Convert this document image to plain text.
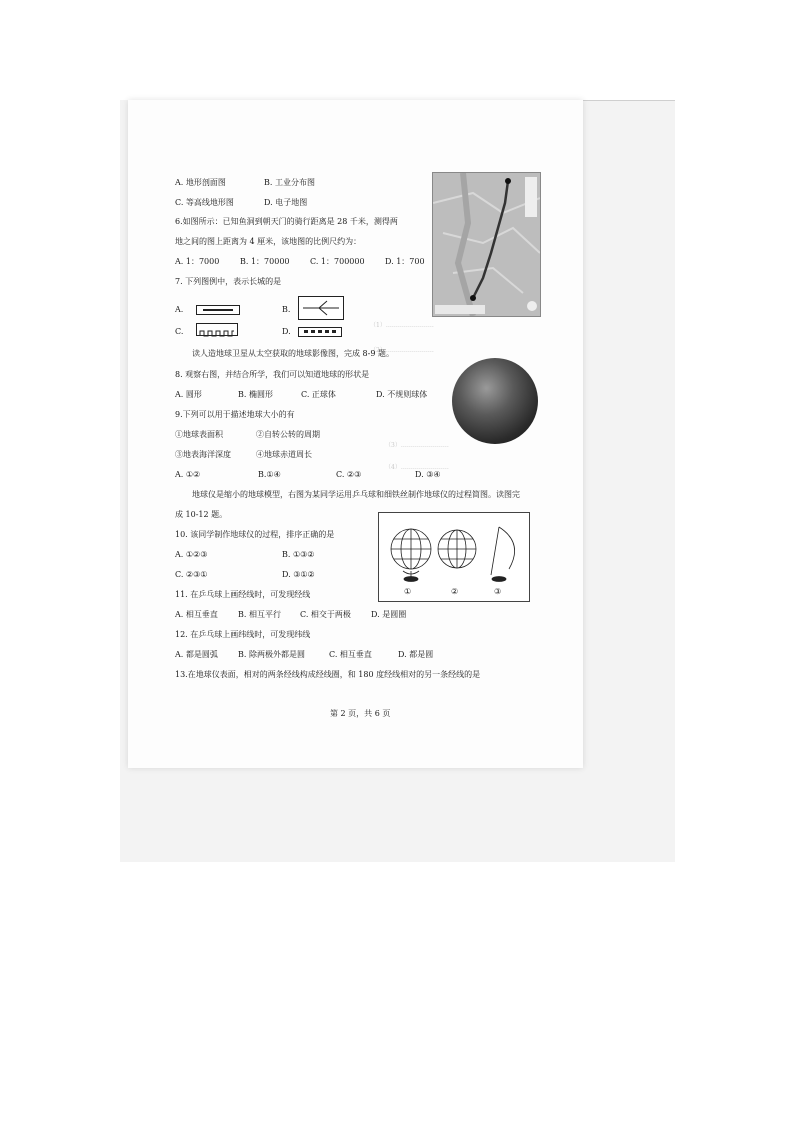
（1）……………………
（2）……………………
（3）……………………
（4）……………………
A. 地形剖面图	B. 工业分布图
C. 等高线地形图	D. 电子地图
6.如图所示：已知鱼洞到朝天门的骑行距离是 28 千米，测得两
地之间的图上距离为 4 厘米，该地图的比例尺约为：
A. 1：7000	B. 1：70000	C. 1：700000	D. 1：700
7. 下列图例中，表示长城的是
A.	B.
C.	D.
读人造地球卫星从太空获取的地球影像图，完成 8-9 题。
8. 观察右图，并结合所学，我们可以知道地球的形状是
A. 圆形	B. 椭圆形	C. 正球体	D. 不规则球体
9.下列可以用于描述地球大小的有
①地球表面积	②自转公转的周期
③地表海洋深度	④地球赤道周长
A. ①②	B.①④	C. ②③	D. ③④
地球仪是缩小的地球模型，右图为某同学运用乒乓球和细铁丝制作地球仪的过程简图。读图完
成 10-12 题。
①	②	③
10. 该同学制作地球仪的过程，排序正确的是
A. ①②③	B. ①③②
C. ②③①	D. ③①②
11. 在乒乓球上画经线时，可发现经线
A. 相互垂直	B. 相互平行 C. 相交于两极	D. 是圆圈
12. 在乒乓球上画纬线时，可发现纬线
A. 都是圆弧	B. 除两极外都是圆	C. 相互垂直	D. 都是圆
13.在地球仪表面，相对的两条经线构成经线圈，和 180 度经线相对的另一条经线的是
第 2 页，共 6 页
